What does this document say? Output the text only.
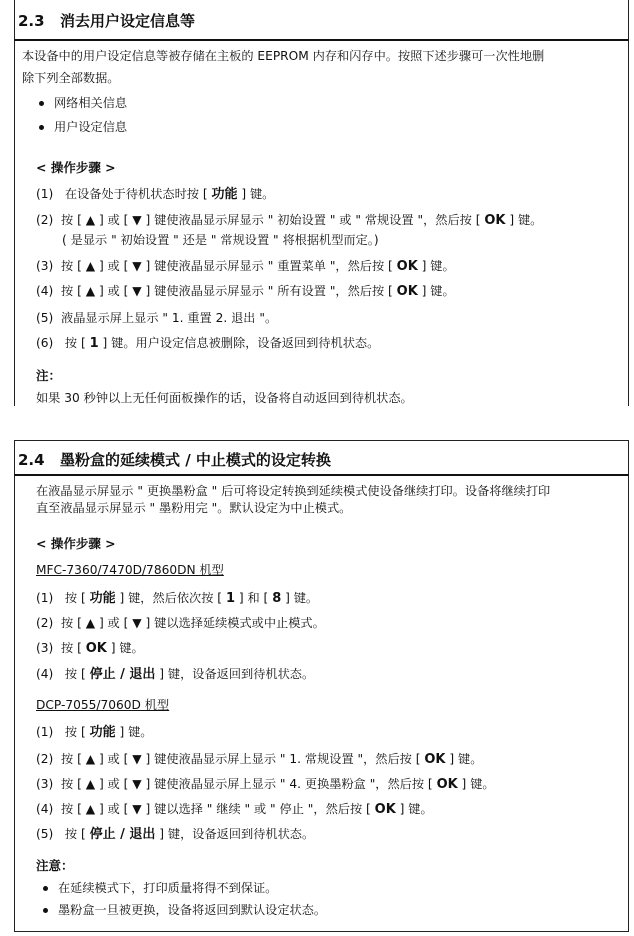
2.3 消去用户设定信息等
本设备中的用户设定信息等被存储在主板的 EEPROM 内存和闪存中。按照下述步骤可一次性地删
除下列全部数据。
网络相关信息
用户设定信息
< 操作步骤 >
(1) 在设备处于待机状态时按 [ 功能 ] 键。
(2) 按 [ ▲ ] 或 [ ▼ ] 键使液晶显示屏显示 " 初始设置 " 或 " 常规设置 "，然后按 [ OK ] 键。
( 是显示 " 初始设置 " 还是 " 常规设置 " 将根据机型而定。)
(3) 按 [ ▲ ] 或 [ ▼ ] 键使液晶显示屏显示 " 重置菜单 "，然后按 [ OK ] 键。
(4) 按 [ ▲ ] 或 [ ▼ ] 键使液晶显示屏显示 " 所有设置 "，然后按 [ OK ] 键。
(5) 液晶显示屏上显示 " 1. 重置 2. 退出 "。
(6) 按 [ 1 ] 键。用户设定信息被删除，设备返回到待机状态。
注：
如果 30 秒钟以上无任何面板操作的话，设备将自动返回到待机状态。
2.4 墨粉盒的延续模式 / 中止模式的设定转换
在液晶显示屏显示 " 更换墨粉盒 " 后可将设定转换到延续模式使设备继续打印。设备将继续打印
直至液晶显示屏显示 " 墨粉用完 "。默认设定为中止模式。
< 操作步骤 >
MFC-7360/7470D/7860DN 机型
(1) 按 [ 功能 ] 键，然后依次按 [ 1 ] 和 [ 8 ] 键。
(2) 按 [ ▲ ] 或 [ ▼ ] 键以选择延续模式或中止模式。
(3) 按 [ OK ] 键。
(4) 按 [ 停止 / 退出 ] 键，设备返回到待机状态。
DCP-7055/7060D 机型
(1) 按 [ 功能 ] 键。
(2) 按 [ ▲ ] 或 [ ▼ ] 键使液晶显示屏上显示 " 1. 常规设置 "，然后按 [ OK ] 键。
(3) 按 [ ▲ ] 或 [ ▼ ] 键使液晶显示屏上显示 " 4. 更换墨粉盒 "，然后按 [ OK ] 键。
(4) 按 [ ▲ ] 或 [ ▼ ] 键以选择 " 继续 " 或 " 停止 "，然后按 [ OK ] 键。
(5) 按 [ 停止 / 退出 ] 键，设备返回到待机状态。
注意：
在延续模式下，打印质量将得不到保证。
墨粉盒一旦被更换，设备将返回到默认设定状态。
